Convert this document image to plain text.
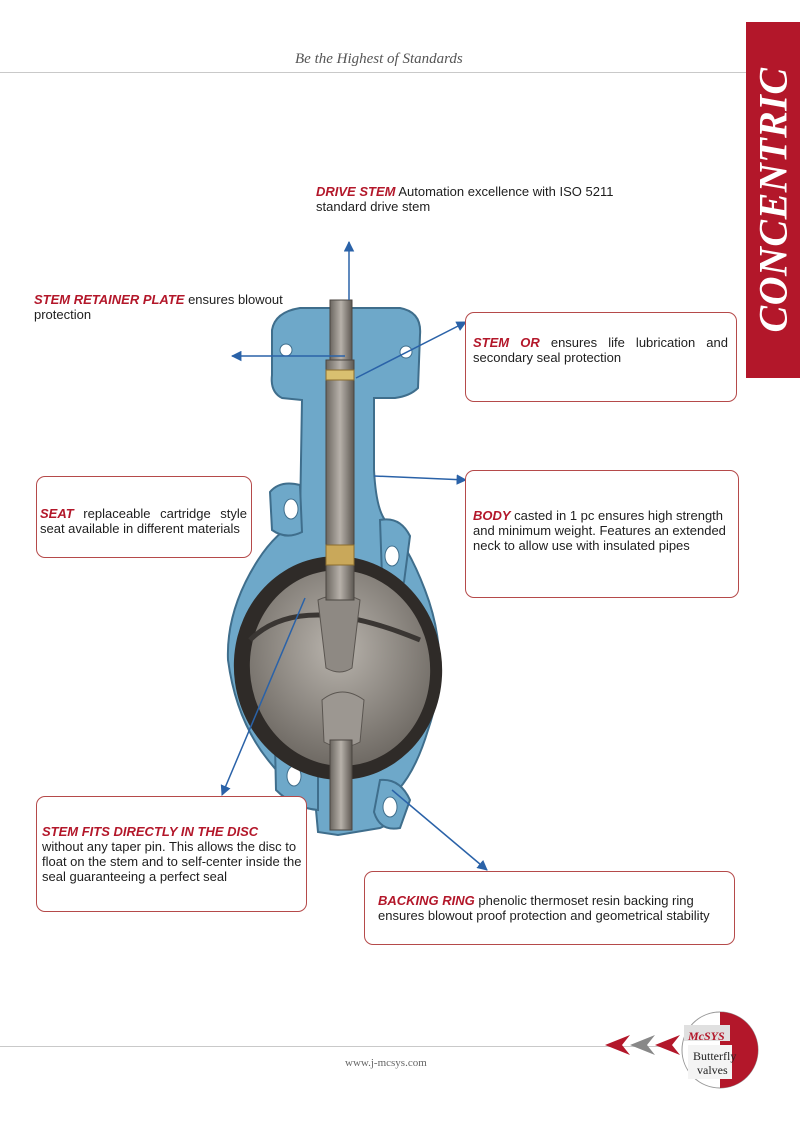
Be the Highest of Standards
CONCENTRIC
DRIVE STEM Automation excellence with ISO 5211 standard drive stem
STEM RETAINER PLATE ensures blowout protection
STEM OR ensures life lubrication and secondary seal protection
SEAT replaceable cartridge style seat available in different materials
BODY casted in 1 pc ensures high strength and minimum weight. Features an extended neck to allow use with insulated pipes
STEM FITS DIRECTLY IN THE DISC without any taper pin. This allows the disc to float on the stem and to self-center inside the seal guaranteeing a perfect seal
BACKING RING phenolic thermoset resin backing ring ensures blowout proof protection and geometrical stability
www.j-mcsys.com
McSYS
Butterfly
valves
